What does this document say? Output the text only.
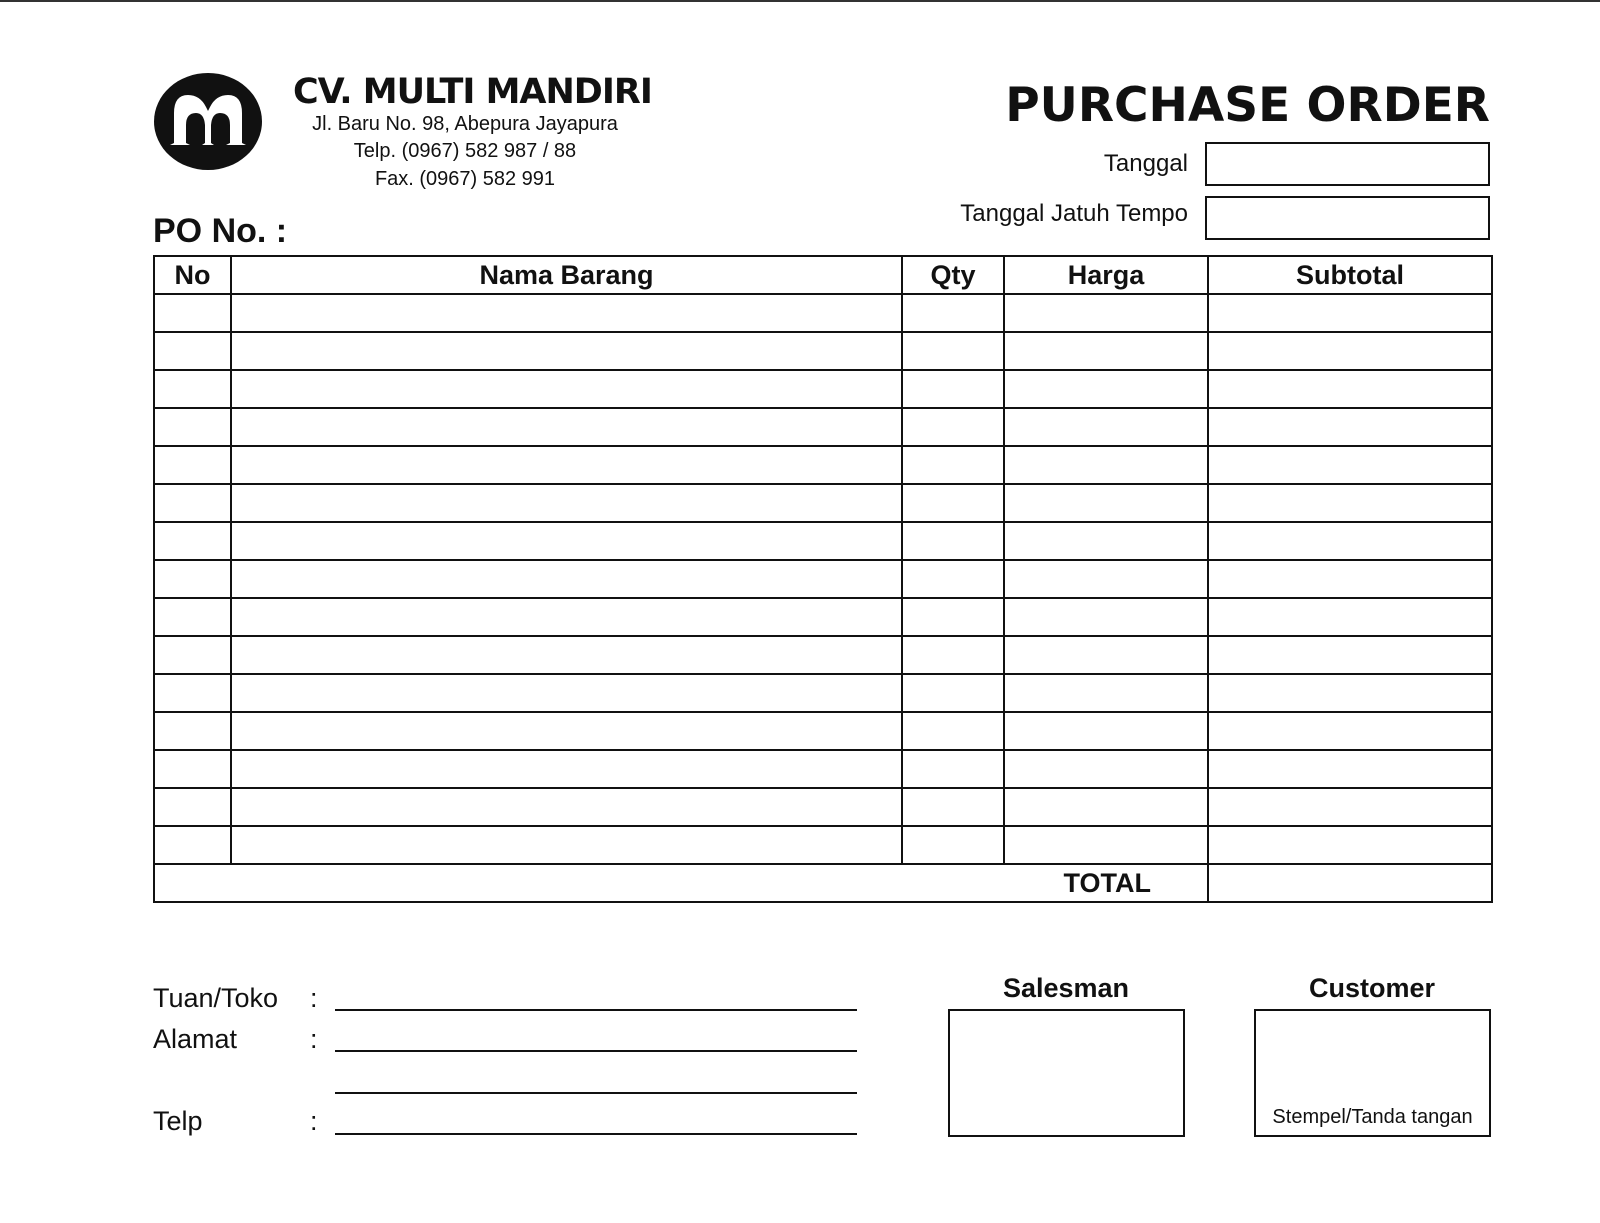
CV. MULTI MANDIRI
Jl. Baru No. 98, Abepura Jayapura
Telp. (0967) 582 987 / 88
Fax. (0967) 582 991
PURCHASE ORDER
Tanggal
Tanggal Jatuh Tempo
PO No. :
No	Nama Barang	Qty	Harga	Subtotal

TOTAL				
Tuan/Toko :
Alamat	:
Telp	:
Salesman	Customer
Stempel/Tanda tangan
